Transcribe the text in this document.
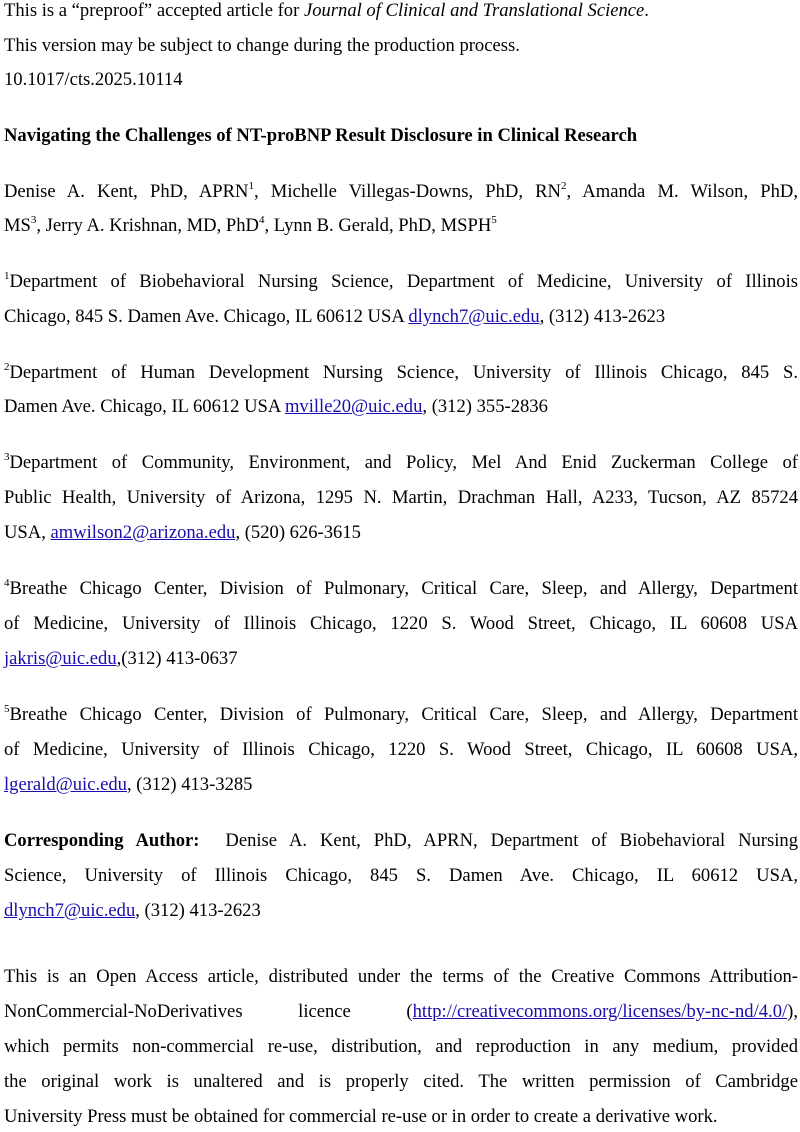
This is a “preproof” accepted article for Journal of Clinical and Translational Science.
This version may be subject to change during the production process.
10.1017/cts.2025.10114
Navigating the Challenges of NT-proBNP Result Disclosure in Clinical Research
Denise A. Kent, PhD, APRN$^1$, Michelle Villegas-Downs, PhD, $RN^2$, Amanda M. Wilson, PhD,
$MS^3$, Jerry A. Krishnan, MD, PhD$^4$, Lynn B. Gerald, PhD, MSPH$^5$
$^1$Department of Biobehavioral Nursing Science, Department of Medicine, University of Illinois
Chicago, 845 S. Damen Ave. Chicago, IL 60612 USA dlynch7@uic.edu, (312) 413-2623
$^2$Department of Human Development Nursing Science, University of Illinois Chicago, 845 S.
Damen Ave. Chicago, IL 60612 USA mville20@uic.edu, (312) 355-2836
$^3$Department of Community, Environment, and Policy, Mel And Enid Zuckerman College of
Public Health, University of Arizona, 1295 N. Martin, Drachman Hall, A233, Tucson, AZ 85724
USA, amwilson2@arizona.edu, (520) 626-3615
$^4$Breathe Chicago Center, Division of Pulmonary, Critical Care, Sleep, and Allergy, Department
of Medicine, University of Illinois Chicago, 1220 S. Wood Street, Chicago, IL 60608 USA
jakris@uic.edu,(312) 413-0637
$^5$Breathe Chicago Center, Division of Pulmonary, Critical Care, Sleep, and Allergy, Department
of Medicine, University of Illinois Chicago, 1220 S. Wood Street, Chicago, IL 60608 USA,
lgerald@uic.edu, (312) 413-3285
Corresponding Author: Denise A. Kent, PhD, APRN, Department of Biobehavioral Nursing
Science, University of Illinois Chicago, 845 S. Damen Ave. Chicago, IL 60612 USA,
dlynch7@uic.edu, (312) 413-2623
This is an Open Access article, distributed under the terms of the Creative Commons Attribution-
NonCommercial-NoDerivatives licence (http://creativecommons.org/licenses/by-nc-nd/4.0/),
which permits non-commercial re-use, distribution, and reproduction in any medium, provided
the original work is unaltered and is properly cited. The written permission of Cambridge
University Press must be obtained for commercial re-use or in order to create a derivative work.
